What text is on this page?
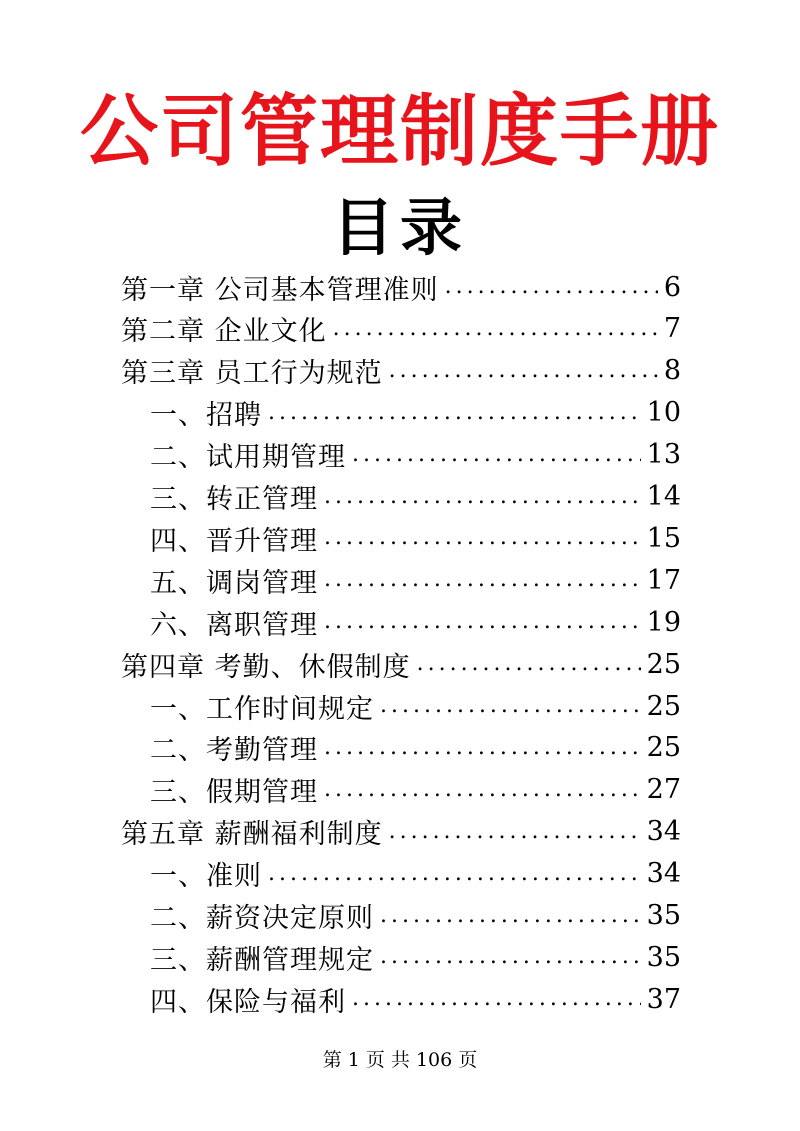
公司管理制度手册
目录
第一章 公司基本管理准则 .....	6
第二章 企业文化 .....	7
第三章 员工行为规范 .....	8
一、招聘 .....	10
二、试用期管理 .....	13
三、转正管理 .....	14
四、晋升管理 .....	15
五、调岗管理 .....	17
六、离职管理 .....	19
第四章 考勤、休假制度 .....	25
一、工作时间规定 .....	25
二、考勤管理 .....	25
三、假期管理 .....	27
第五章 薪酬福利制度 .....	34
一、准则 .....	34
二、薪资决定原则 .....	35
三、薪酬管理规定 .....	35
四、保险与福利 .....	37
第 1 页 共 106 页
